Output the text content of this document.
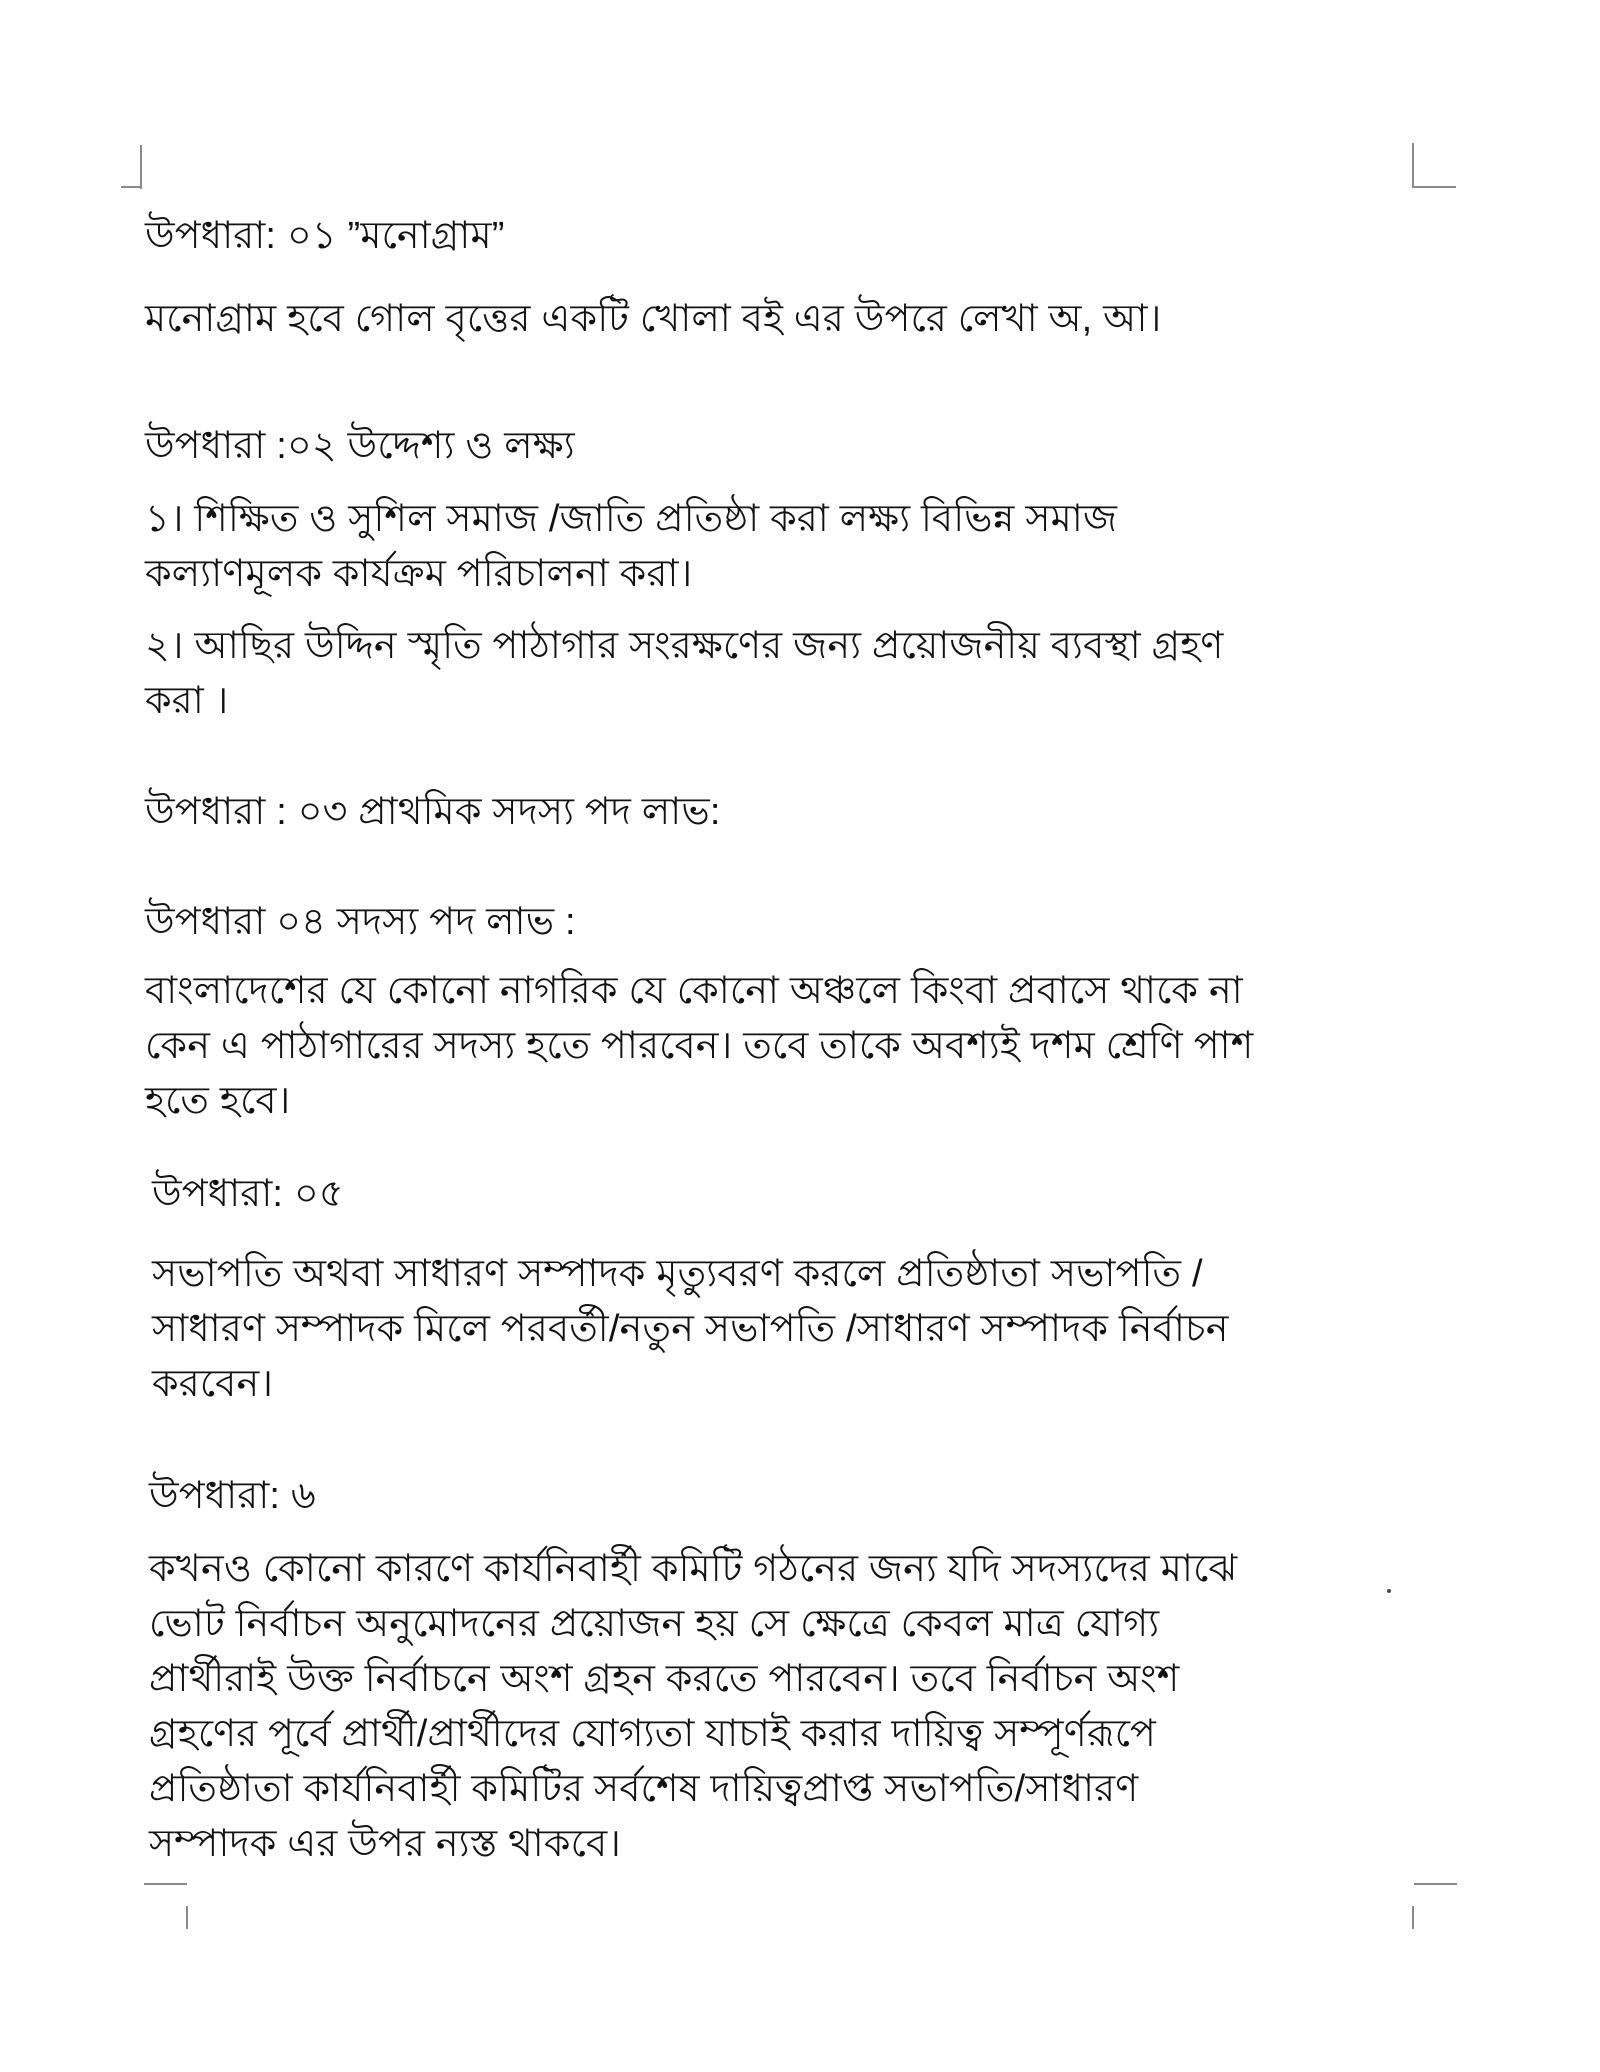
উপধারা: ০১ ”মনোগ্রাম”
মনোগ্রাম হবে গোল বৃত্তের একটি খোলা বই এর উপরে লেখা অ, আ।
উপধারা :০২ উদ্দেশ্য ও লক্ষ্য
১। শিক্ষিত ও সুশিল সমাজ /জাতি প্রতিষ্ঠা করা লক্ষ্য বিভিন্ন সমাজ
কল্যাণমূলক কার্যক্রম পরিচালনা করা।
২। আছির উদ্দিন স্মৃতি পাঠাগার সংরক্ষণের জন্য প্রয়োজনীয় ব্যবস্থা গ্রহণ
করা ।
উপধারা : ০৩ প্রাথমিক সদস্য পদ লাভ:
উপধারা ০৪ সদস্য পদ লাভ :
বাংলাদেশের যে কোনো নাগরিক যে কোনো অঞ্চলে কিংবা প্রবাসে থাকে না
কেন এ পাঠাগারের সদস্য হতে পারবেন। তবে তাকে অবশ্যই দশম শ্রেণি পাশ
হতে হবে।
উপধারা: ০৫
সভাপতি অথবা সাধারণ সম্পাদক মৃত্যুবরণ করলে প্রতিষ্ঠাতা সভাপতি /
সাধারণ সম্পাদক মিলে পরবর্তী/নতুন সভাপতি /সাধারণ সম্পাদক নির্বাচন
করবেন।
উপধারা: ৬
কখনও কোনো কারণে কার্যনিবার্হী কমিটি গঠনের জন্য যদি সদস্যদের মাঝে
ভোট নির্বাচন অনুমোদনের প্রয়োজন হয় সে ক্ষেত্রে কেবল মাত্র যোগ্য
প্রার্থীরাই উক্ত নির্বাচনে অংশ গ্রহন করতে পারবেন। তবে নির্বাচন অংশ
গ্রহণের পূর্বে প্রার্থী/প্রার্থীদের যোগ্যতা যাচাই করার দায়িত্ব সম্পূর্ণরূপে
প্রতিষ্ঠাতা কার্যনিবার্হী কমিটির সর্বশেষ দায়িত্বপ্রাপ্ত সভাপতি/সাধারণ
সম্পাদক এর উপর ন্যস্ত থাকবে।
